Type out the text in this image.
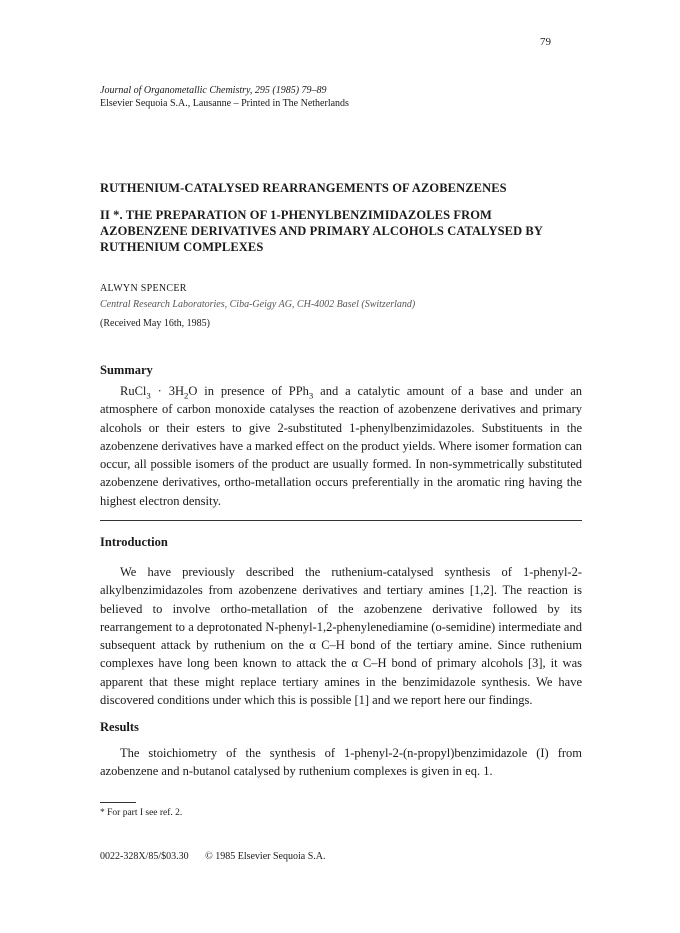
79
Journal of Organometallic Chemistry, 295 (1985) 79–89
Elsevier Sequoia S.A., Lausanne – Printed in The Netherlands
RUTHENIUM-CATALYSED REARRANGEMENTS OF AZOBENZENES
II *. THE PREPARATION OF 1-PHENYLBENZIMIDAZOLES FROM AZOBENZENE DERIVATIVES AND PRIMARY ALCOHOLS CATALYSED BY RUTHENIUM COMPLEXES
ALWYN SPENCER
Central Research Laboratories, Ciba-Geigy AG, CH-4002 Basel (Switzerland)
(Received May 16th, 1985)
Summary
RuCl$_3$ · $3H_2O$ in presence of PPh$_3$ and a catalytic amount of a base and under an atmosphere of carbon monoxide catalyses the reaction of azobenzene derivatives and primary alcohols or their esters to give 2-substituted 1-phenylbenzimidazoles. Substituents in the azobenzene derivatives have a marked effect on the product yields. Where isomer formation can occur, all possible isomers of the product are usually formed. In non-symmetrically substituted azobenzene derivatives, ortho-metallation occurs preferentially in the aromatic ring having the highest electron density.
Introduction
We have previously described the ruthenium-catalysed synthesis of 1-phenyl-2-alkylbenzimidazoles from azobenzene derivatives and tertiary amines [1,2]. The reaction is believed to involve ortho-metallation of the azobenzene derivative followed by its rearrangement to a deprotonated N-phenyl-1,2-phenylenediamine (o-semidine) intermediate and subsequent attack by ruthenium on the α C–H bond of the tertiary amine. Since ruthenium complexes have long been known to attack the α C–H bond of primary alcohols [3], it was apparent that these might replace tertiary amines in the benzimidazole synthesis. We have discovered conditions under which this is possible [1] and we report here our findings.
Results
The stoichiometry of the synthesis of 1-phenyl-2-(n-propyl)benzimidazole (I) from azobenzene and n-butanol catalysed by ruthenium complexes is given in eq. 1.
* For part I see ref. 2.
0022-328X/85/$03.30 © 1985 Elsevier Sequoia S.A.
